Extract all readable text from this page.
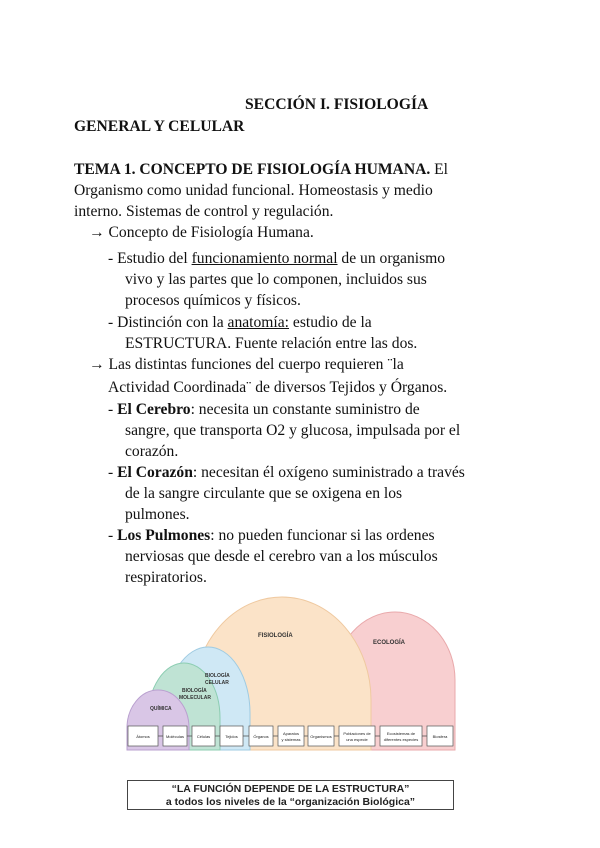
SECCIÓN I. FISIOLOGÍA
GENERAL Y CELULAR
TEMA 1. CONCEPTO DE FISIOLOGÍA HUMANA. El
Organismo como unidad funcional. Homeostasis y medio
interno. Sistemas de control y regulación.
→ Concepto de Fisiología Humana.
- Estudio del funcionamiento normal de un organismo
vivo y las partes que lo componen, incluidos sus
procesos químicos y físicos.
- Distinción con la anatomía: estudio de la
ESTRUCTURA. Fuente relación entre las dos.
→ Las distintas funciones del cuerpo requieren ¨la
Actividad Coordinada¨ de diversos Tejidos y Órganos.
- El Cerebro: necesita un constante suministro de
sangre, que transporta O2 y glucosa, impulsada por el
corazón.
- El Corazón: necesitan él oxígeno suministrado a través
de la sangre circulante que se oxigena en los
pulmones.
- Los Pulmones: no pueden funcionar si las ordenes
nerviosas que desde el cerebro van a los músculos
respiratorios.
QUÍMICA
BIOLOGÍA
MOLECULAR
BIOLOGÍA
CELULAR
FISIOLOGÍA
ECOLOGÍA
Átomos	Moléculas	Células	Tejidos	Órganos
Aparatos
y sistemas
Organismos
Poblaciones de
una especie
Ecosistemas de
diferentes especies
Biosfera
“LA FUNCIÓN DEPENDE DE LA ESTRUCTURA”
a todos los niveles de la “organización Biológica”
